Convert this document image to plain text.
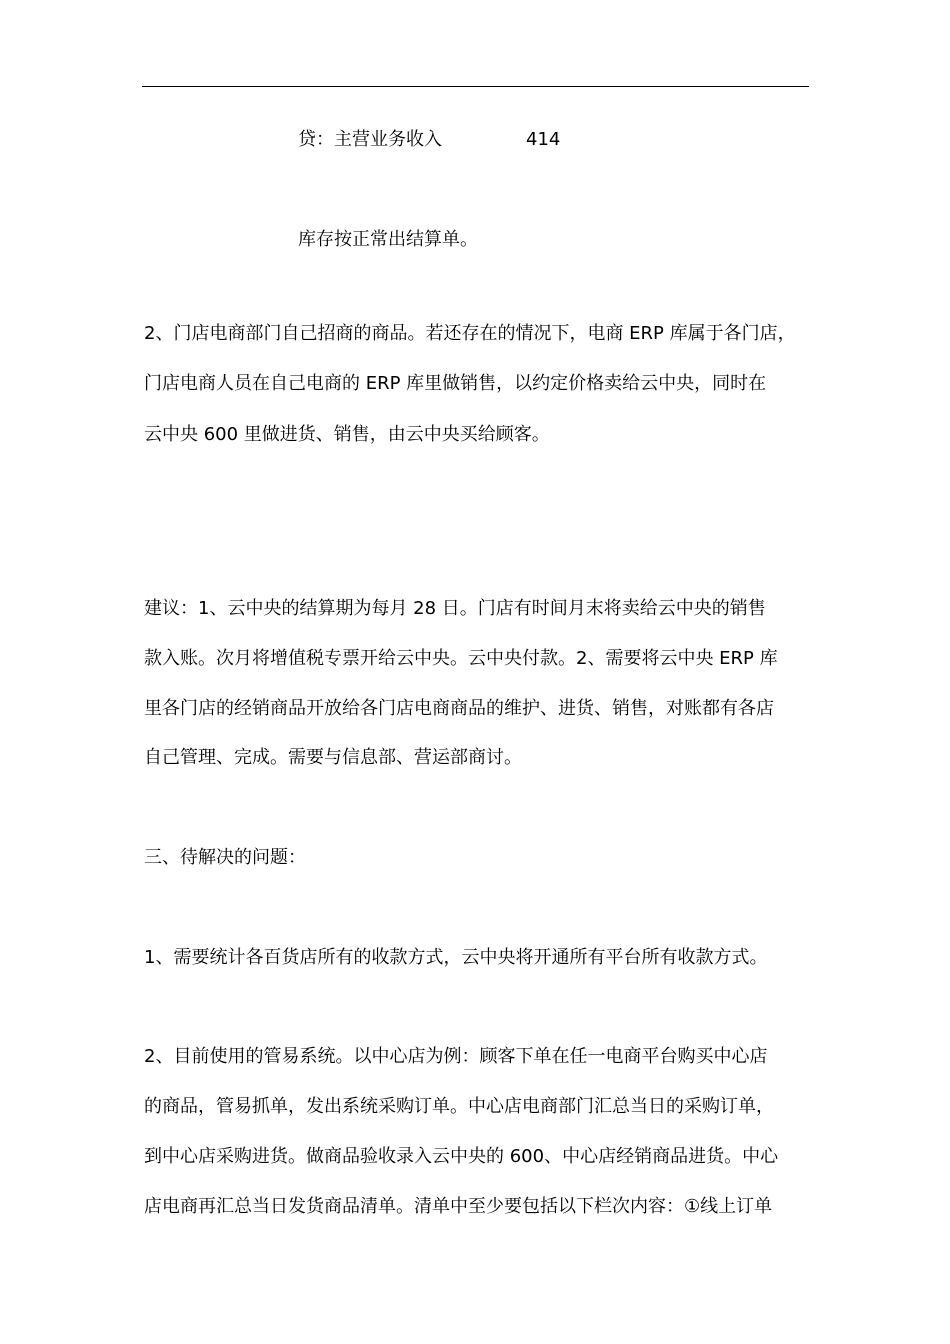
贷：主营业务收入	414
库存按正常出结算单。
2、门店电商部门自己招商的商品。若还存在的情况下，电商 ERP 库属于各门店，
门店电商人员在自己电商的 ERP 库里做销售，以约定价格卖给云中央，同时在
云中央 600 里做进货、销售，由云中央买给顾客。
建议：1、云中央的结算期为每月 28 日。门店有时间月末将卖给云中央的销售
款入账。次月将增值税专票开给云中央。云中央付款。2、需要将云中央 ERP 库
里各门店的经销商品开放给各门店电商商品的维护、进货、销售，对账都有各店
自己管理、完成。需要与信息部、营运部商讨。
三、待解决的问题：
1、需要统计各百货店所有的收款方式，云中央将开通所有平台所有收款方式。
2、目前使用的管易系统。以中心店为例：顾客下单在任一电商平台购买中心店
的商品，管易抓单，发出系统采购订单。中心店电商部门汇总当日的采购订单，
到中心店采购进货。做商品验收录入云中央的 600、中心店经销商品进货。中心
店电商再汇总当日发货商品清单。清单中至少要包括以下栏次内容：①线上订单
